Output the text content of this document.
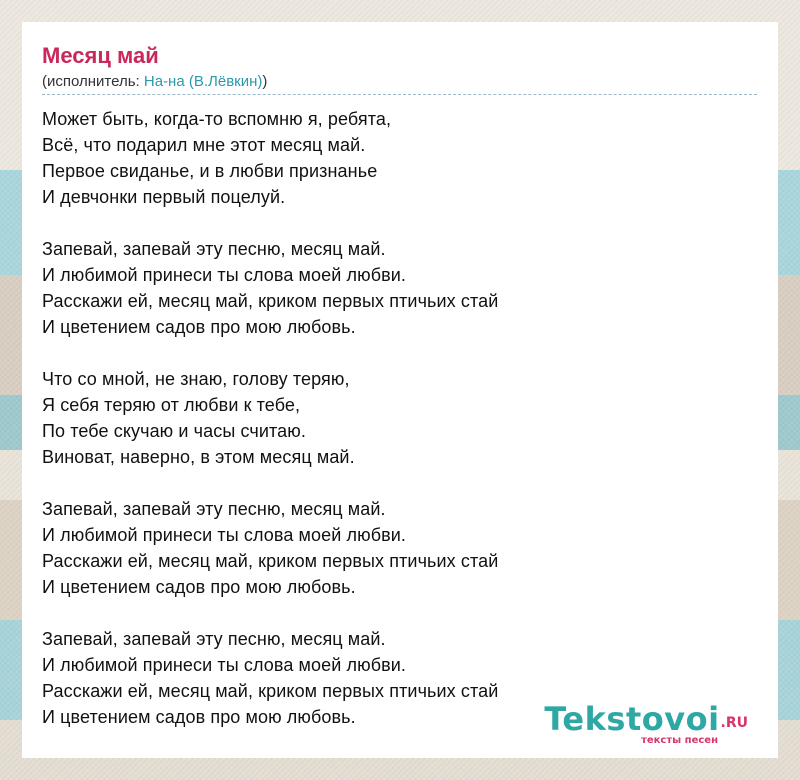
Месяц май
(исполнитель: На-на (В.Лёвкин))
Может быть, когда-то вспомню я, ребята,
Всё, что подарил мне этот месяц май.
Первое свиданье, и в любви признанье
И девчонки первый поцелуй.
Запевай, запевай эту песню, месяц май.
И любимой принеси ты слова моей любви.
Расскажи ей, месяц май, криком первых птичьих стай
И цветением садов про мою любовь.
Что со мной, не знаю, голову теряю,
Я себя теряю от любви к тебе,
По тебе скучаю и часы считаю.
Виноват, наверно, в этом месяц май.
Запевай, запевай эту песню, месяц май.
И любимой принеси ты слова моей любви.
Расскажи ей, месяц май, криком первых птичьих стай
И цветением садов про мою любовь.
Запевай, запевай эту песню, месяц май.
И любимой принеси ты слова моей любви.
Расскажи ей, месяц май, криком первых птичьих стай
И цветением садов про мою любовь.	Tekstovoi.RU
тексты песен
